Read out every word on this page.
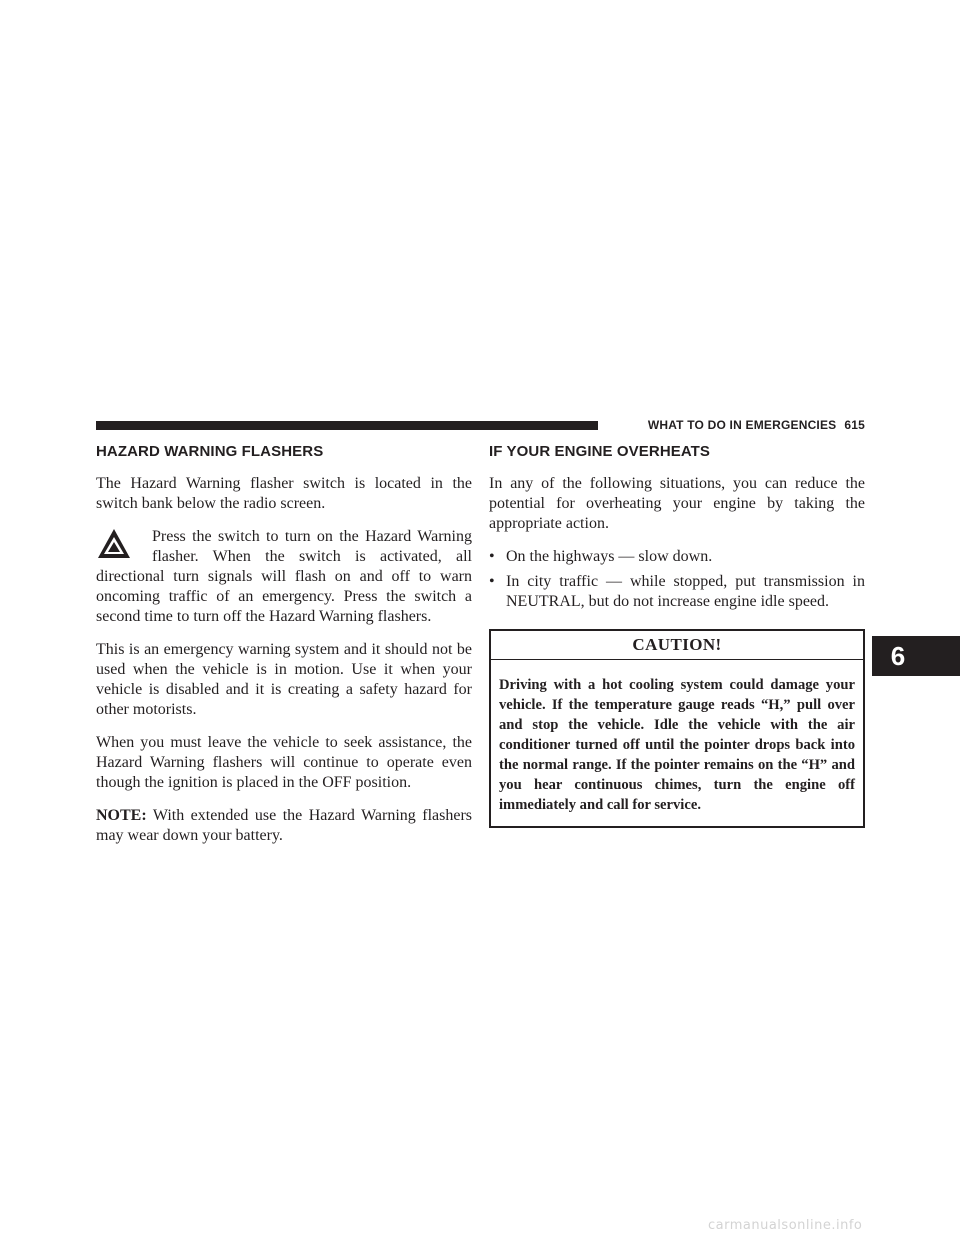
WHAT TO DO IN EMERGENCIES 615
HAZARD WARNING FLASHERS

The Hazard Warning flasher switch is located in the switch bank below the radio screen.

Press the switch to turn on the Hazard Warning flasher. When the switch is activated, all directional turn signals will flash on and off to warn oncoming traffic of an emergency. Press the switch a second time to turn off the Hazard Warning flashers.

This is an emergency warning system and it should not be used when the vehicle is in motion. Use it when your vehicle is disabled and it is creating a safety hazard for other motorists.

When you must leave the vehicle to seek assistance, the Hazard Warning flashers will continue to operate even though the ignition is placed in the OFF position.

NOTE: With extended use the Hazard Warning flashers may wear down your battery.

IF YOUR ENGINE OVERHEATS

In any of the following situations, you can reduce the potential for overheating your engine by taking the appropriate action.

• On the highways — slow down.
• In city traffic — while stopped, put transmission in NEUTRAL, but do not increase engine idle speed.
CAUTION!
Driving with a hot cooling system could damage your vehicle. If the temperature gauge reads “H,” pull over and stop the vehicle. Idle the vehicle with the air conditioner turned off until the pointer drops back into the normal range. If the pointer remains on the “H” and you hear continuous chimes, turn the engine off immediately and call for service.
6
carmanualsonline.info
